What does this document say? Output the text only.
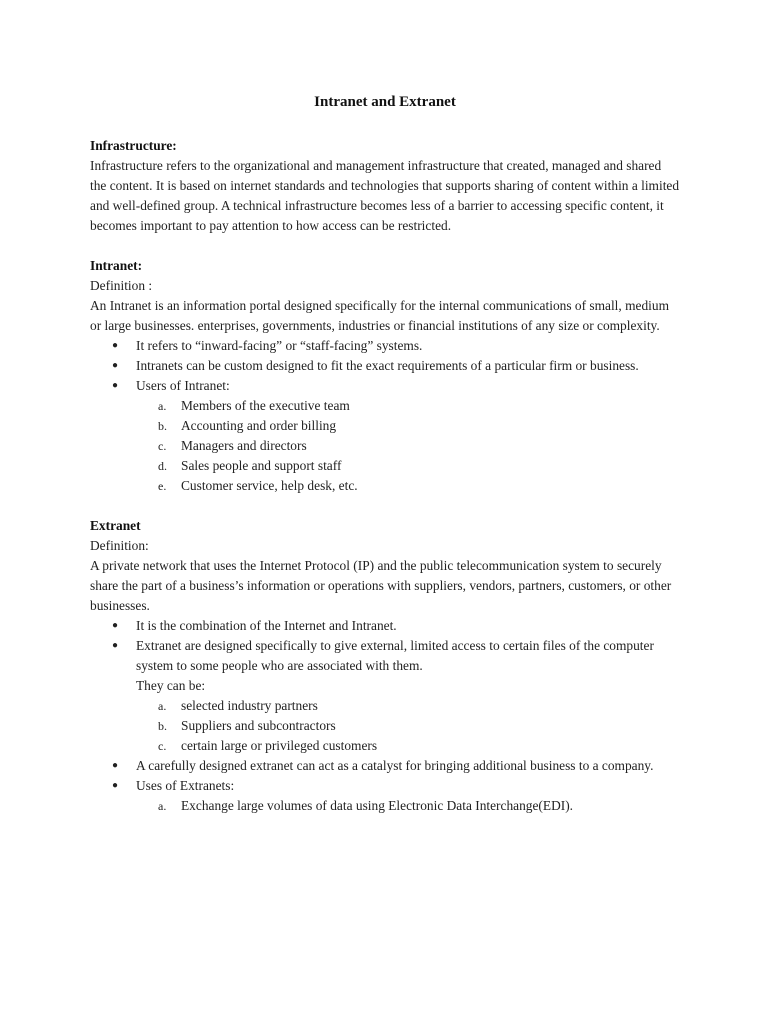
Intranet and Extranet

Infrastructure:

Infrastructure refers to the organizational and management infrastructure that created, managed and shared the content. It is based on internet standards and technologies that supports sharing of content within a limited and well-defined group. A technical infrastructure becomes less of a barrier to accessing specific content, it becomes important to pay attention to how access can be restricted.

Intranet:

Definition :

An Intranet is an information portal designed specifically for the internal communications of small, medium or large businesses. enterprises, governments, industries or financial institutions of any size or complexity.

● It refers to “inward-facing” or “staff-facing” systems.
● Intranets can be custom designed to fit the exact requirements of a particular firm or business.
● Users of Intranet:
a. Members of the executive team
b. Accounting and order billing
c. Managers and directors
d. Sales people and support staff
e. Customer service, help desk, etc.

Extranet

Definition:

A private network that uses the Internet Protocol (IP) and the public telecommunication system to securely share the part of a business’s information or operations with suppliers, vendors, partners, customers, or other businesses.

● It is the combination of the Internet and Intranet.
● Extranet are designed specifically to give external, limited access to certain files of the computer system to some people who are associated with them.

They can be:

a. selected industry partners
b. Suppliers and subcontractors
c. certain large or privileged customers
● A carefully designed extranet can act as a catalyst for bringing additional business to a company.
● Uses of Extranets:
a. Exchange large volumes of data using Electronic Data Interchange(EDI).
